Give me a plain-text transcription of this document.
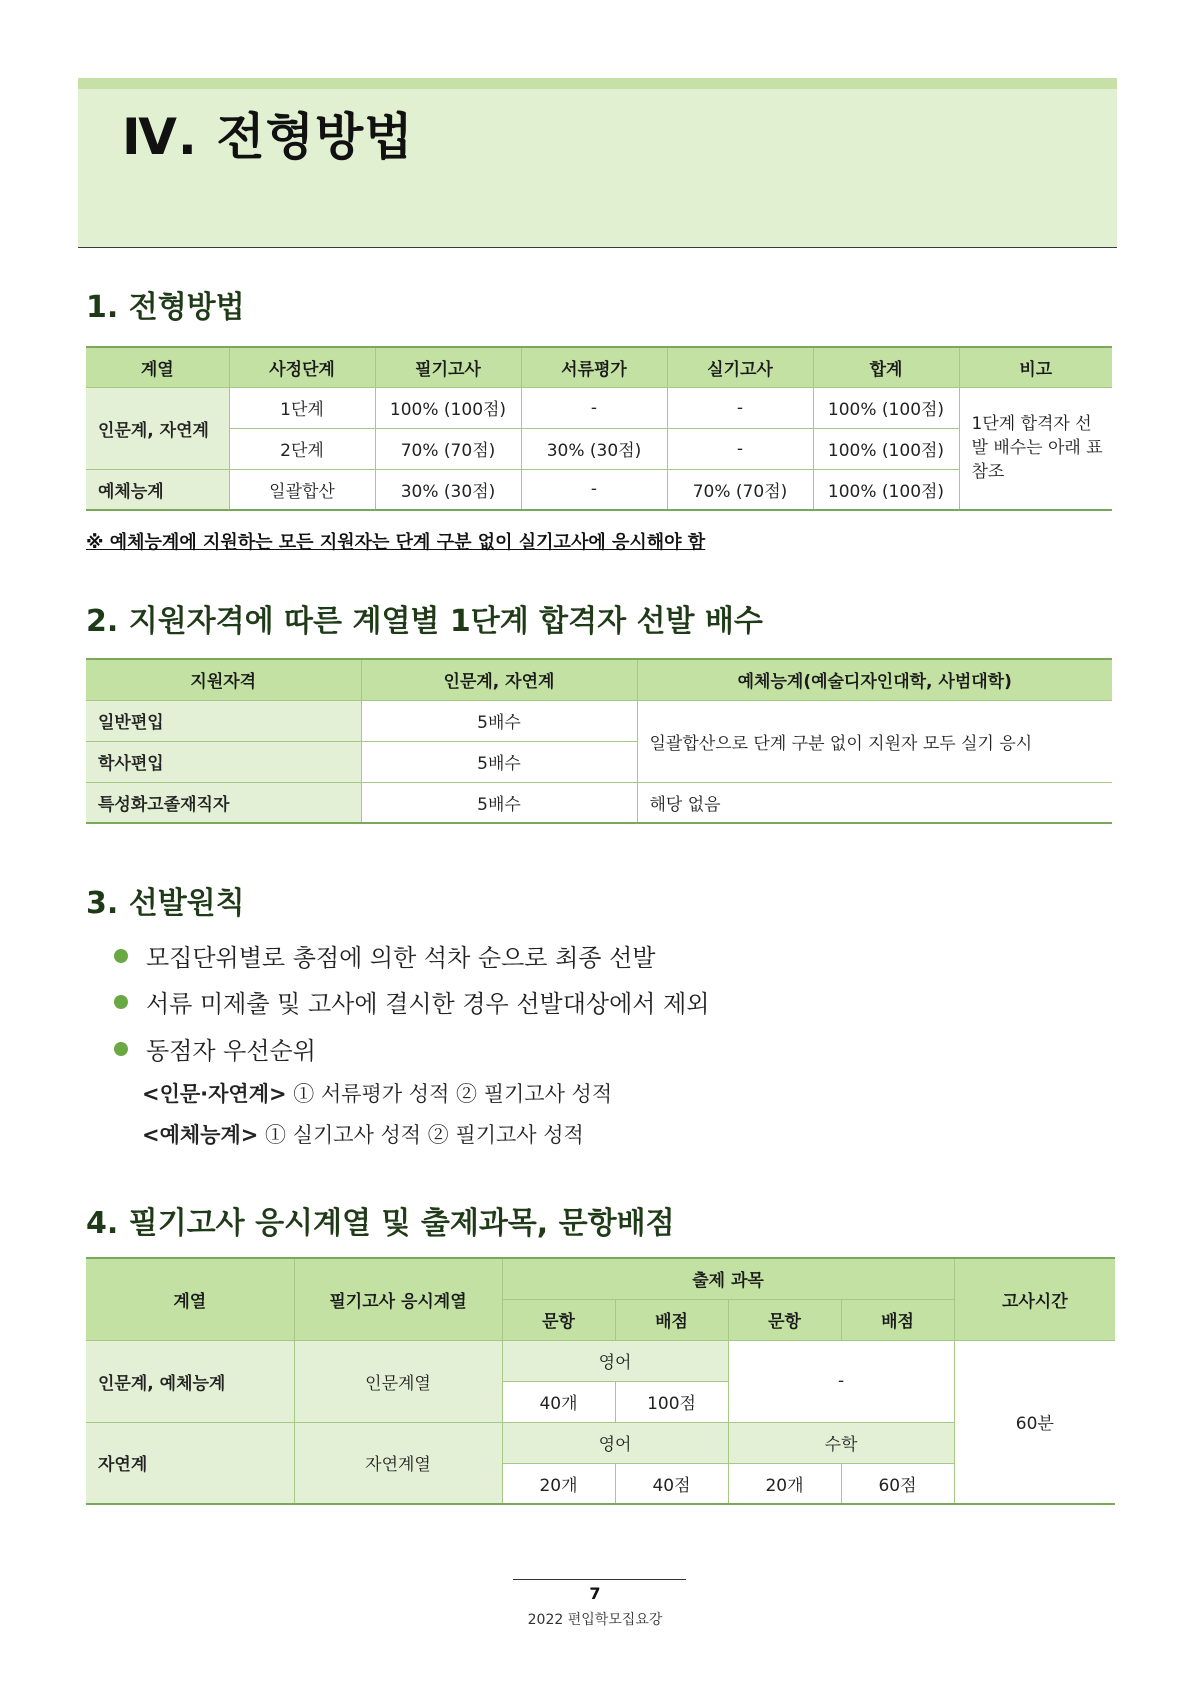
Ⅳ. 전형방법
1. 전형방법
계열	사정단계	필기고사	서류평가	실기고사	합계	비고
인문계, 자연계	1단계	100% (100점)	-	-	100% (100점)	1단계 합격자 선발 배수는 아래 표 참조
	2단계	70% (70점)	30% (30점)	-	100% (100점)	
예체능계	일괄합산	30% (30점)	-	70% (70점)	100% (100점)	
※ 예체능계에 지원하는 모든 지원자는 단계 구분 없이 실기고사에 응시해야 함
2. 지원자격에 따른 계열별 1단계 합격자 선발 배수
지원자격	인문계, 자연계	예체능계(예술디자인대학, 사범대학)
일반편입	5배수	일괄합산으로 단계 구분 없이 지원자 모두 실기 응시
학사편입	5배수	
특성화고졸재직자	5배수	해당 없음
3. 선발원칙
모집단위별로 총점에 의한 석차 순으로 최종 선발
서류 미제출 및 고사에 결시한 경우 선발대상에서 제외
동점자 우선순위
<인문·자연계> ① 서류평가 성적 ② 필기고사 성적
<예체능계> ① 실기고사 성적 ② 필기고사 성적
4. 필기고사 응시계열 및 출제과목, 문항배점
계열	필기고사 응시계열	출제 과목				고사시간
		문항	배점	문항	배점	
인문계, 예체능계	인문계열	영어		-		60분
		40개	100점			
자연계	자연계열	영어		수학		
		20개	40점	20개	60점	
7
2022 편입학모집요강
